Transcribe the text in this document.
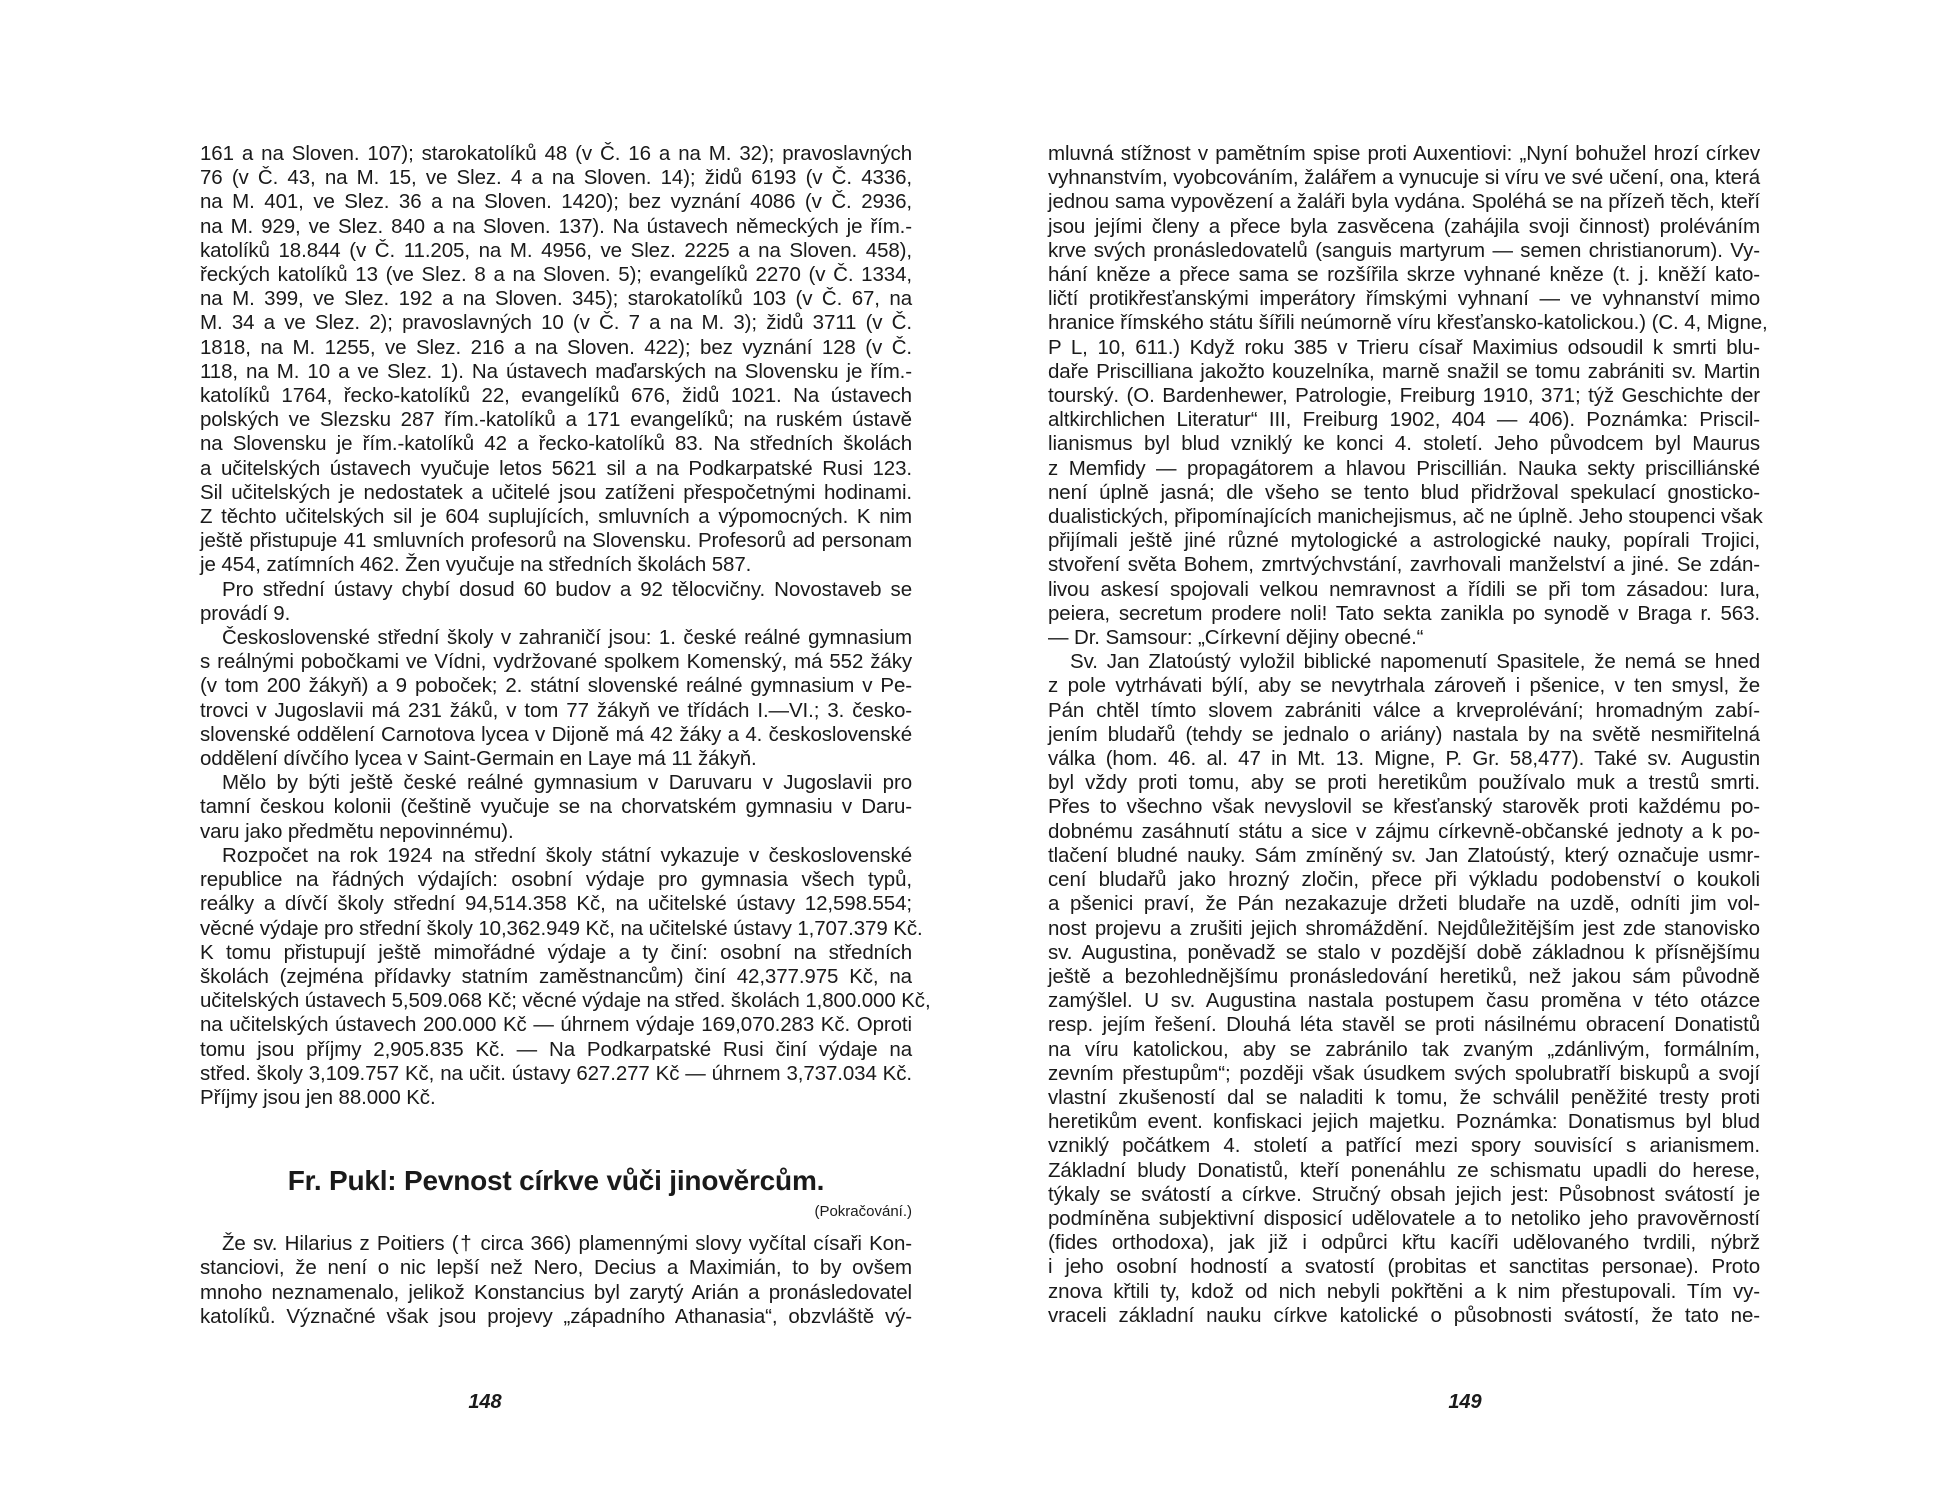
161 a na Sloven. 107); starokatolíků 48 (v Č. 16 a na M. 32); pravoslavných
76 (v Č. 43, na M. 15, ve Slez. 4 a na Sloven. 14); židů 6193 (v Č. 4336,
na M. 401, ve Slez. 36 a na Sloven. 1420); bez vyznání 4086 (v Č. 2936,
na M. 929, ve Slez. 840 a na Sloven. 137). Na ústavech německých je řím.-
katolíků 18.844 (v Č. 11.205, na M. 4956, ve Slez. 2225 a na Sloven. 458),
řeckých katolíků 13 (ve Slez. 8 a na Sloven. 5); evangelíků 2270 (v Č. 1334,
na M. 399, ve Slez. 192 a na Sloven. 345); starokatolíků 103 (v Č. 67, na
M. 34 a ve Slez. 2); pravoslavných 10 (v Č. 7 a na M. 3); židů 3711 (v Č.
1818, na M. 1255, ve Slez. 216 a na Sloven. 422); bez vyznání 128 (v Č.
118, na M. 10 a ve Slez. 1). Na ústavech maďarských na Slovensku je řím.-
katolíků 1764, řecko-katolíků 22, evangelíků 676, židů 1021. Na ústavech
polských ve Slezsku 287 řím.-katolíků a 171 evangelíků; na ruském ústavě
na Slovensku je řím.-katolíků 42 a řecko-katolíků 83. Na středních školách
a učitelských ústavech vyučuje letos 5621 sil a na Podkarpatské Rusi 123.
Sil učitelských je nedostatek a učitelé jsou zatíženi přespočetnými hodinami.
Z těchto učitelských sil je 604 suplujících, smluvních a výpomocných. K nim
ještě přistupuje 41 smluvních profesorů na Slovensku. Profesorů ad personam
je 454, zatímních 462. Žen vyučuje na středních školách 587.
Pro střední ústavy chybí dosud 60 budov a 92 tělocvičny. Novostaveb se
provádí 9.
Československé střední školy v zahraničí jsou: 1. české reálné gymnasium
s reálnými pobočkami ve Vídni, vydržované spolkem Komenský, má 552 žáky
(v tom 200 žákyň) a 9 poboček; 2. státní slovenské reálné gymnasium v Pe-
trovci v Jugoslavii má 231 žáků, v tom 77 žákyň ve třídách I.—VI.; 3. česko-
slovenské oddělení Carnotova lycea v Dijoně má 42 žáky a 4. československé
oddělení dívčího lycea v Saint-Germain en Laye má 11 žákyň.
Mělo by býti ještě české reálné gymnasium v Daruvaru v Jugoslavii pro
tamní českou kolonii (češtině vyučuje se na chorvatském gymnasiu v Daru-
varu jako předmětu nepovinnému).
Rozpočet na rok 1924 na střední školy státní vykazuje v československé
republice na řádných výdajích: osobní výdaje pro gymnasia všech typů,
reálky a dívčí školy střední 94,514.358 Kč, na učitelské ústavy 12,598.554;
věcné výdaje pro střední školy 10,362.949 Kč, na učitelské ústavy 1,707.379 Kč.
K tomu přistupují ještě mimořádné výdaje a ty činí: osobní na středních
školách (zejména přídavky statním zaměstnancům) činí 42,377.975 Kč, na
učitelských ústavech 5,509.068 Kč; věcné výdaje na střed. školách 1,800.000 Kč,
na učitelských ústavech 200.000 Kč — úhrnem výdaje 169,070.283 Kč. Oproti
tomu jsou příjmy 2,905.835 Kč. — Na Podkarpatské Rusi činí výdaje na
střed. školy 3,109.757 Kč, na učit. ústavy 627.277 Kč — úhrnem 3,737.034 Kč.
Příjmy jsou jen 88.000 Kč.
Fr. Pukl: Pevnost církve vůči jinověrcům.
(Pokračování.)
Že sv. Hilarius z Poitiers († circa 366) plamennými slovy vyčítal císaři Kon-
stanciovi, že není o nic lepší než Nero, Decius a Maximián, to by ovšem
mnoho neznamenalo, jelikož Konstancius byl zarytý Arián a pronásledovatel
katolíků. Význačné však jsou projevy „západního Athanasia“, obzvláště vý-
148
mluvná stížnost v pamětním spise proti Auxentiovi: „Nyní bohužel hrozí církev
vyhnanstvím, vyobcováním, žalářem a vynucuje si víru ve své učení, ona, která
jednou sama vypovězení a žaláři byla vydána. Spoléhá se na přízeň těch, kteří
jsou jejími členy a přece byla zasvěcena (zahájila svoji činnost) proléváním
krve svých pronásledovatelů (sanguis martyrum — semen christianorum). Vy-
hání kněze a přece sama se rozšířila skrze vyhnané kněze (t. j. kněží kato-
ličtí protikřesťanskými imperátory římskými vyhnaní — ve vyhnanství mimo
hranice římského státu šířili neúmorně víru křesťansko-katolickou.) (C. 4, Migne,
P L, 10, 611.) Když roku 385 v Trieru císař Maximius odsoudil k smrti blu-
daře Priscilliana jakožto kouzelníka, marně snažil se tomu zabrániti sv. Martin
tourský. (O. Bardenhewer, Patrologie, Freiburg 1910, 371; týž Geschichte der
altkirchlichen Literatur“ III, Freiburg 1902, 404 — 406). Poznámka: Priscil-
lianismus byl blud vzniklý ke konci 4. století. Jeho původcem byl Maurus
z Memfidy — propagátorem a hlavou Priscillián. Nauka sekty priscilliánské
není úplně jasná; dle všeho se tento blud přidržoval spekulací gnosticko-
dualistických, připomínajících manichejismus, ač ne úplně. Jeho stoupenci však
přijímali ještě jiné různé mytologické a astrologické nauky, popírali Trojici,
stvoření světa Bohem, zmrtvýchvstání, zavrhovali manželství a jiné. Se zdán-
livou askesí spojovali velkou nemravnost a řídili se při tom zásadou: Iura,
peiera, secretum prodere noli! Tato sekta zanikla po synodě v Braga r. 563.
— Dr. Samsour: „Církevní dějiny obecné.“
Sv. Jan Zlatoústý vyložil biblické napomenutí Spasitele, že nemá se hned
z pole vytrhávati býlí, aby se nevytrhala zároveň i pšenice, v ten smysl, že
Pán chtěl tímto slovem zabrániti válce a krveprolévání; hromadným zabí-
jením bludařů (tehdy se jednalo o ariány) nastala by na světě nesmiřitelná
válka (hom. 46. al. 47 in Mt. 13. Migne, P. Gr. 58,477). Také sv. Augustin
byl vždy proti tomu, aby se proti heretikům používalo muk a trestů smrti.
Přes to všechno však nevyslovil se křesťanský starověk proti každému po-
dobnému zasáhnutí státu a sice v zájmu církevně-občanské jednoty a k po-
tlačení bludné nauky. Sám zmíněný sv. Jan Zlatoústý, který označuje usmr-
cení bludařů jako hrozný zločin, přece při výkladu podobenství o koukoli
a pšenici praví, že Pán nezakazuje držeti bludaře na uzdě, odníti jim vol-
nost projevu a zrušiti jejich shromáždění. Nejdůležitějším jest zde stanovisko
sv. Augustina, poněvadž se stalo v pozdější době základnou k přísnějšímu
ještě a bezohlednějšímu pronásledování heretiků, než jakou sám původně
zamýšlel. U sv. Augustina nastala postupem času proměna v této otázce
resp. jejím řešení. Dlouhá léta stavěl se proti násilnému obracení Donatistů
na víru katolickou, aby se zabránilo tak zvaným „zdánlivým, formálním,
zevním přestupům“; později však úsudkem svých spolubratří biskupů a svojí
vlastní zkušeností dal se naladiti k tomu, že schválil peněžité tresty proti
heretikům event. konfiskaci jejich majetku. Poznámka: Donatismus byl blud
vzniklý počátkem 4. století a patřící mezi spory souvisící s arianismem.
Základní bludy Donatistů, kteří ponenáhlu ze schismatu upadli do herese,
týkaly se svátostí a církve. Stručný obsah jejich jest: Působnost svátostí je
podmíněna subjektivní disposicí udělovatele a to netoliko jeho pravověrností
(fides orthodoxa), jak již i odpůrci křtu kacíři udělovaného tvrdili, nýbrž
i jeho osobní hodností a svatostí (probitas et sanctitas personae). Proto
znova křtili ty, kdož od nich nebyli pokřtěni a k nim přestupovali. Tím vy-
vraceli základní nauku církve katolické o působnosti svátostí, že tato ne-
149
